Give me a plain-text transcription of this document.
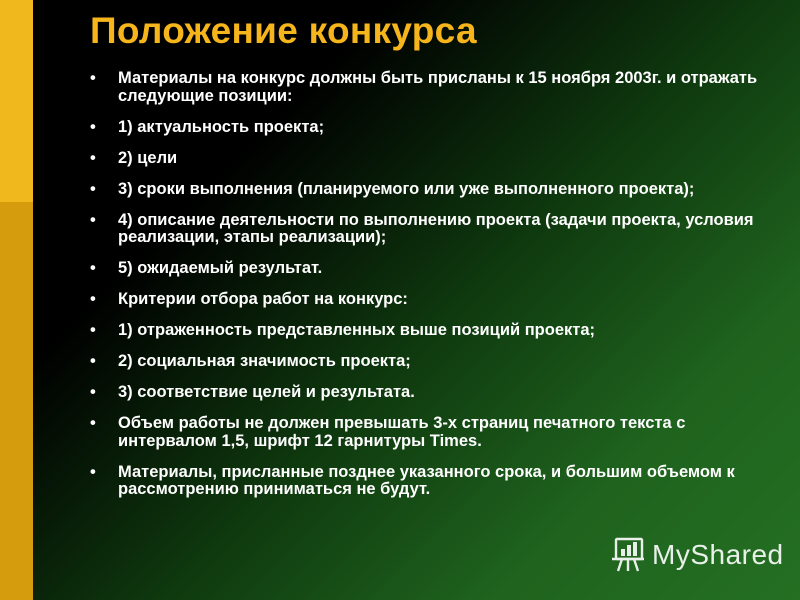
Положение конкурса
•	Материалы на конкурс должны быть присланы к 15 ноября 2003г. и отражать следующие позиции:
•	1) актуальность проекта;
•	2) цели
•	3) сроки выполнения (планируемого или уже выполненного проекта);
•	4) описание деятельности по выполнению проекта (задачи проекта, условия реализации, этапы реализации);
•	5) ожидаемый результат.
•	Критерии отбора работ на конкурс:
•	1) отраженность представленных выше позиций проекта;
•	2) социальная значимость проекта;
•	3) соответствие целей и результата.
•	Объем работы не должен превышать 3-х страниц печатного текста с интервалом 1,5, шрифт 12 гарнитуры Times.
•	Материалы, присланные позднее указанного срока, и большим объемом к рассмотрению приниматься не будут.
MyShared
